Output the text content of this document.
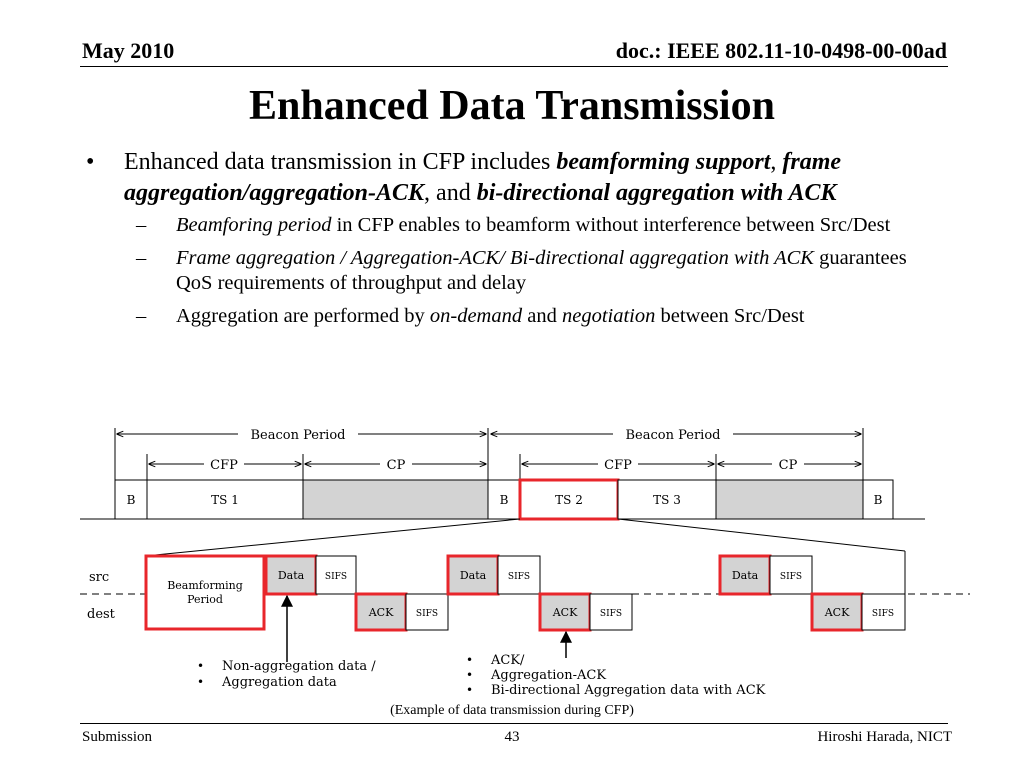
May 2010	doc.: IEEE 802.11-10-0498-00-00ad
Enhanced Data Transmission
•	Enhanced data transmission in CFP includes beamforming support, frame aggregation/aggregation-ACK, and bi-directional aggregation with ACK
–	Beamforing period in CFP enables to beamform without interference between Src/Dest
–	Frame aggregation / Aggregation-ACK/ Bi-directional aggregation with ACK guarantees QoS requirements of throughput and delay
–	Aggregation are performed by on-demand and negotiation between Src/Dest
Beacon Period	Beacon Period
CFP	CP	CFP	CP
B	TS 1	B	TS 2	TS 3	B
src
dest
Beamforming
Period
Data SIFS
ACK	SIFS
Data SIFS
ACK	SIFS
Data SIFS
ACK	SIFS
• Non-aggregation data /
• Aggregation data
• ACK/
• Aggregation-ACK
• Bi-directional Aggregation data with ACK
(Example of data transmission during CFP)
Submission	43	Hiroshi Harada, NICT
